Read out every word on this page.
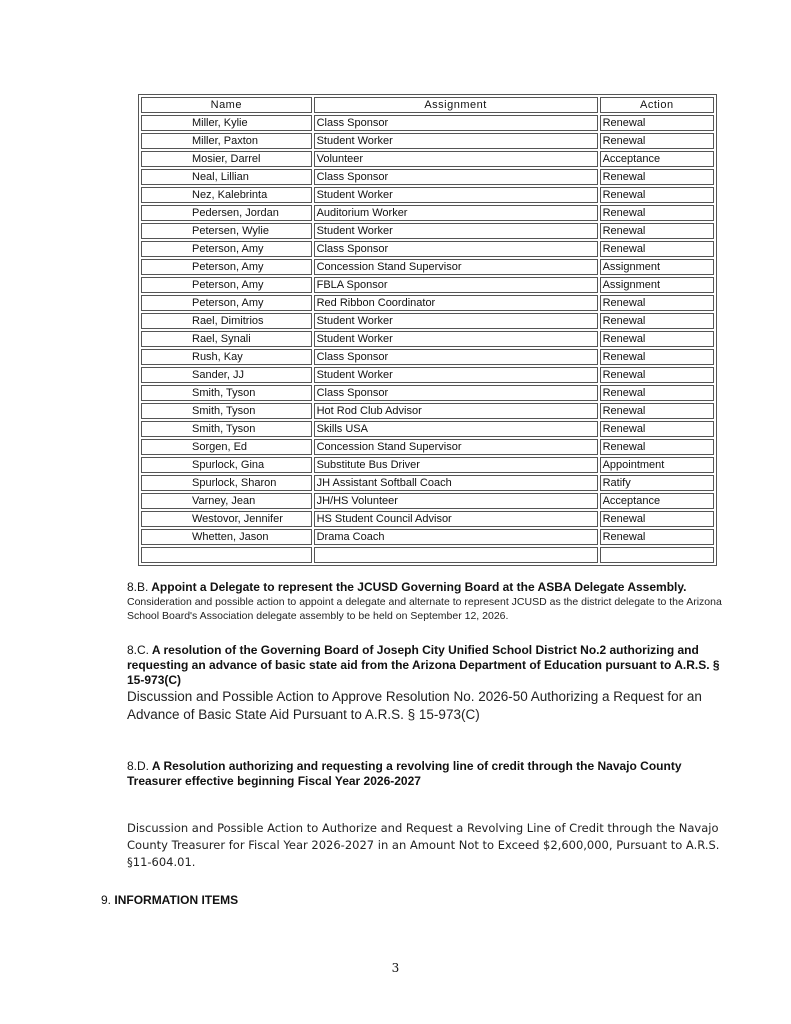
Name	Assignment	Action
Miller, Kylie	Class Sponsor	Renewal
Miller, Paxton	Student Worker	Renewal
Mosier, Darrel	Volunteer	Acceptance
Neal, Lillian	Class Sponsor	Renewal
Nez, Kalebrinta	Student Worker	Renewal
Pedersen, Jordan	Auditorium Worker	Renewal
Petersen, Wylie	Student Worker	Renewal
Peterson, Amy	Class Sponsor	Renewal
Peterson, Amy	Concession Stand Supervisor	Assignment
Peterson, Amy	FBLA Sponsor	Assignment
Peterson, Amy	Red Ribbon Coordinator	Renewal
Rael, Dimitrios	Student Worker	Renewal
Rael, Synali	Student Worker	Renewal
Rush, Kay	Class Sponsor	Renewal
Sander, JJ	Student Worker	Renewal
Smith, Tyson	Class Sponsor	Renewal
Smith, Tyson	Hot Rod Club Advisor	Renewal
Smith, Tyson	Skills USA	Renewal
Sorgen, Ed	Concession Stand Supervisor	Renewal
Spurlock, Gina	Substitute Bus Driver	Appointment
Spurlock, Sharon	JH Assistant Softball Coach	Ratify
Varney, Jean	JH/HS Volunteer	Acceptance
Westovor, Jennifer	HS Student Council Advisor	Renewal
Whetten, Jason	Drama Coach	Renewal

8.B. Appoint a Delegate to represent the JCUSD Governing Board at the ASBA Delegate Assembly.
Consideration and possible action to appoint a delegate and alternate to represent JCUSD as the district delegate to the Arizona School Board's Association delegate assembly to be held on September 12, 2026.
8.C. A resolution of the Governing Board of Joseph City Unified School District No.2 authorizing and requesting an advance of basic state aid from the Arizona Department of Education pursuant to A.R.S. § 15-973(C)
Discussion and Possible Action to Approve Resolution No. 2026-50 Authorizing a Request for an Advance of Basic State Aid Pursuant to A.R.S. § 15-973(C)
8.D. A Resolution authorizing and requesting a revolving line of credit through the Navajo County Treasurer effective beginning Fiscal Year 2026-2027
Discussion and Possible Action to Authorize and Request a Revolving Line of Credit through the Navajo County Treasurer for Fiscal Year 2026-2027 in an Amount Not to Exceed $2,600,000, Pursuant to A.R.S. §11-604.01.
9. INFORMATION ITEMS
3
